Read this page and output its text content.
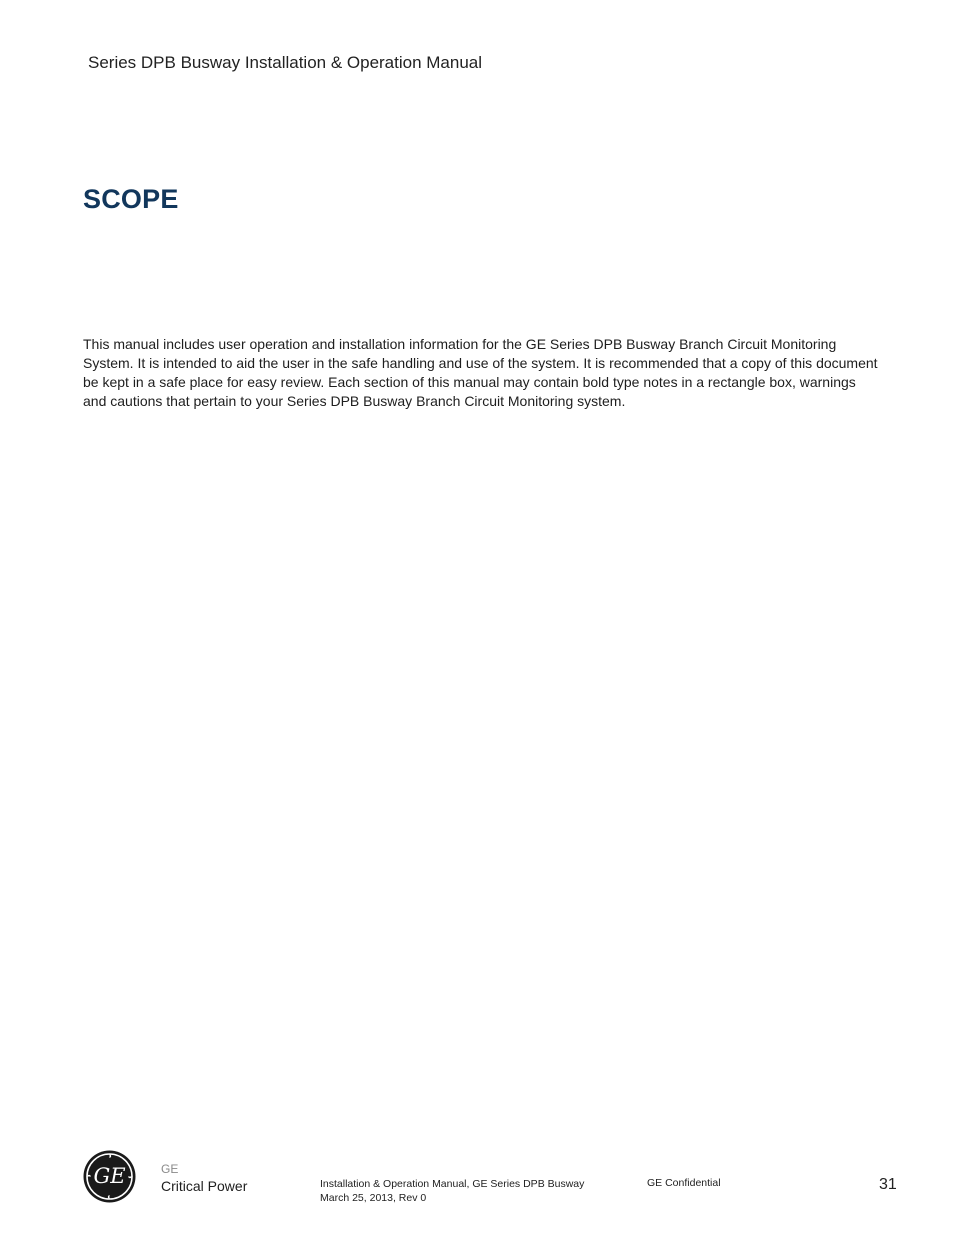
Series DPB Busway Installation & Operation Manual
SCOPE

This manual includes user operation and installation information for the GE Series DPB Busway Branch Circuit Monitoring System. It is intended to aid the user in the safe handling and use of the system. It is recommended that a copy of this document be kept in a safe place for easy review. Each section of this manual may contain bold type notes in a rectangle box, warnings and cautions that pertain to your Series DPB Busway Branch Circuit Monitoring system.

GE	GE
Critical Power	Installation & Operation Manual, GE Series DPB Busway
March 25, 2013, Rev 0
GE Confidential	31
